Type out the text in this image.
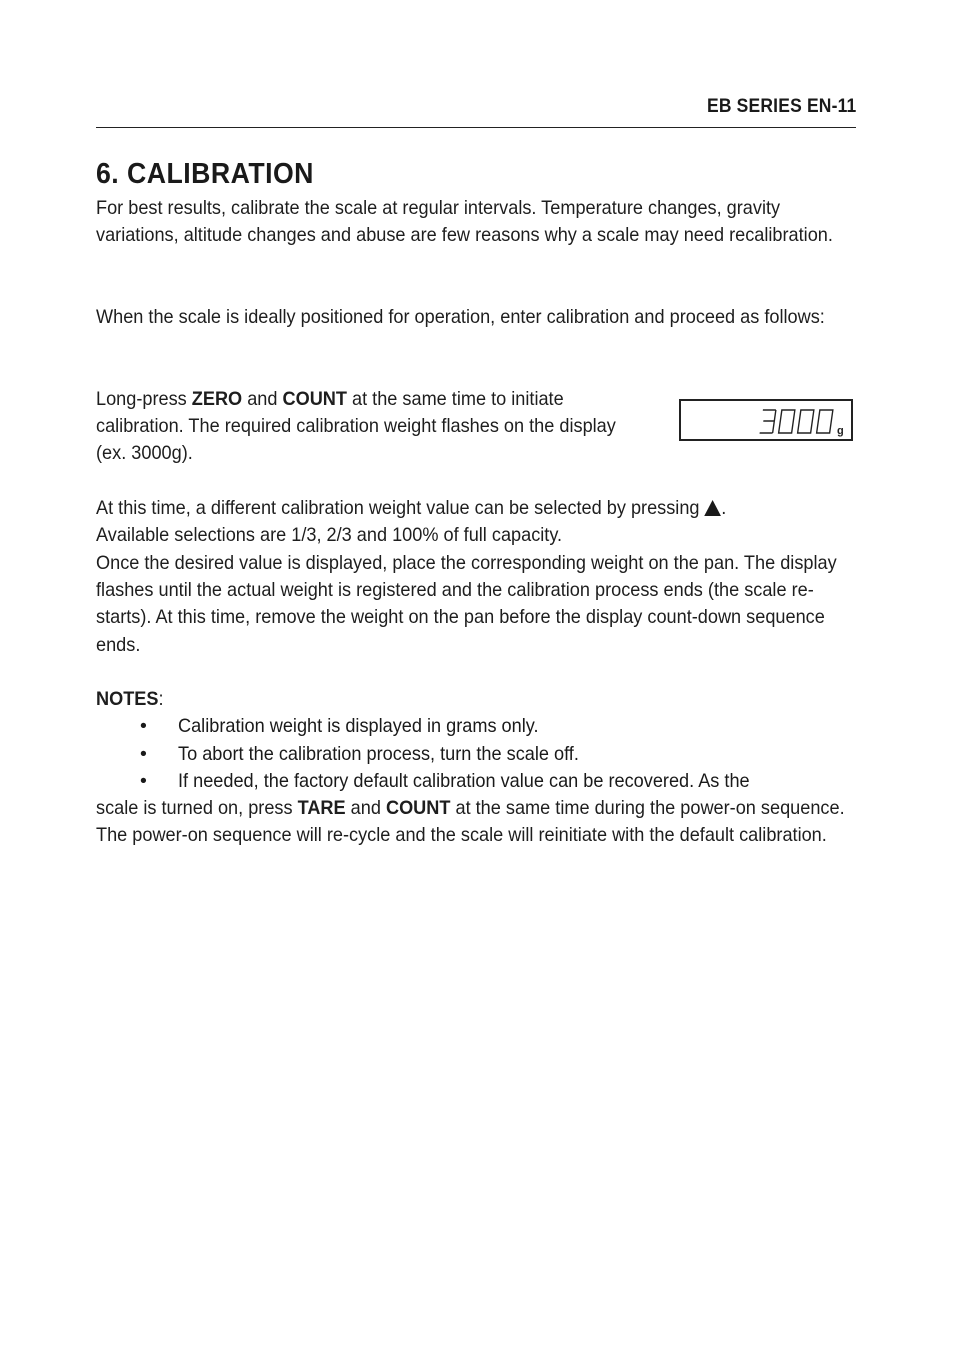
EB SERIES EN-11
6. CALIBRATION

For best results, calibrate the scale at regular intervals. Temperature changes, gravity variations, altitude changes and abuse are few reasons why a scale may need recalibration.

When the scale is ideally positioned for operation, enter calibration and proceed as follows:

Long-press ZERO and COUNT at the same time to initiate calibration. The required calibration weight flashes on the display (ex. 3000g).

g
3000

At this time, a different calibration weight value can be selected by pressing .

Available selections are 1/3, 2/3 and 100% of full capacity.

Once the desired value is displayed, place the corresponding weight on the pan. The display flashes until the actual weight is registered and the calibration process ends (the scale re-starts). At this time, remove the weight on the pan before the display count-down sequence ends.

NOTES:

• Calibration weight is displayed in grams only.
• To abort the calibration process, turn the scale off.
• If needed, the factory default calibration value can be recovered. As the

scale is turned on, press TARE and COUNT at the same time during the power-on sequence. The power-on sequence will re-cycle and the scale will reinitiate with the default calibration.
